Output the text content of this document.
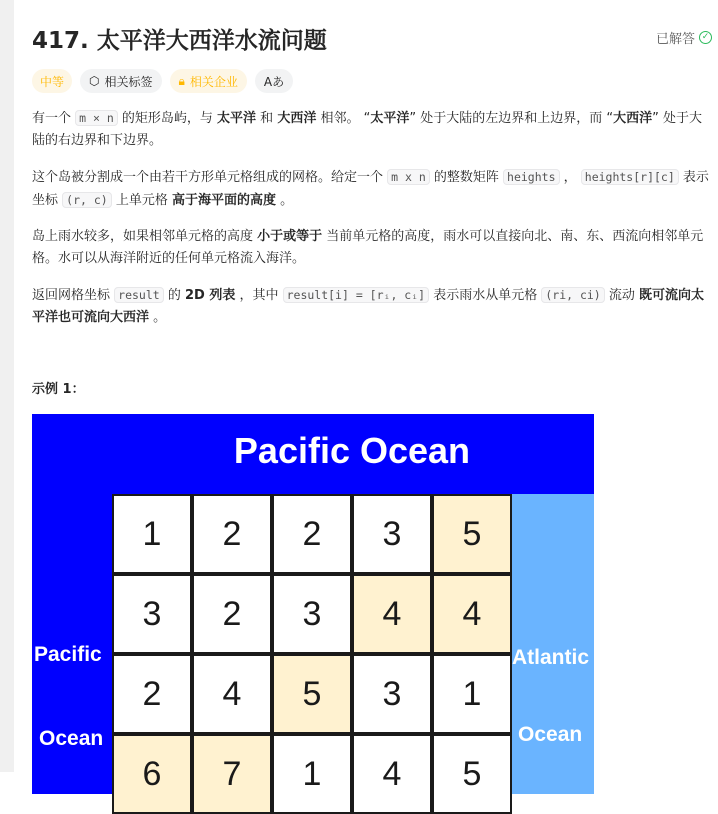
417. 太平洋大西洋水流问题	已解答 ✓
中等	⬡ 相关标签 🔒︎ 相关企业 Aあ

有一个 m × n 的矩形岛屿，与 太平洋 和 大西洋 相邻。 “太平洋” 处于大陆的左边界和上边界，而 “大西洋” 处于大陆的右边界和下边界。

这个岛被分割成一个由若干方形单元格组成的网格。给定一个 m x n 的整数矩阵 heights ， heights[r][c] 表示坐标 (r, c) 上单元格 高于海平面的高度 。

岛上雨水较多，如果相邻单元格的高度 小于或等于 当前单元格的高度，雨水可以直接向北、南、东、西流向相邻单元格。水可以从海洋附近的任何单元格流入海洋。

返回网格坐标 result 的 2D 列表 ，其中 result[i] = [rᵢ, cᵢ] 表示雨水从单元格 (ri, ci) 流动 既可流向太平洋也可流向大西洋 。

示例 1：
Pacific Ocean
Pacific
Ocean
Atlantic
Ocean
1	2	2	3	5
3	2	3	4	4
2	4	5	3	1
6	7	1	4	5
